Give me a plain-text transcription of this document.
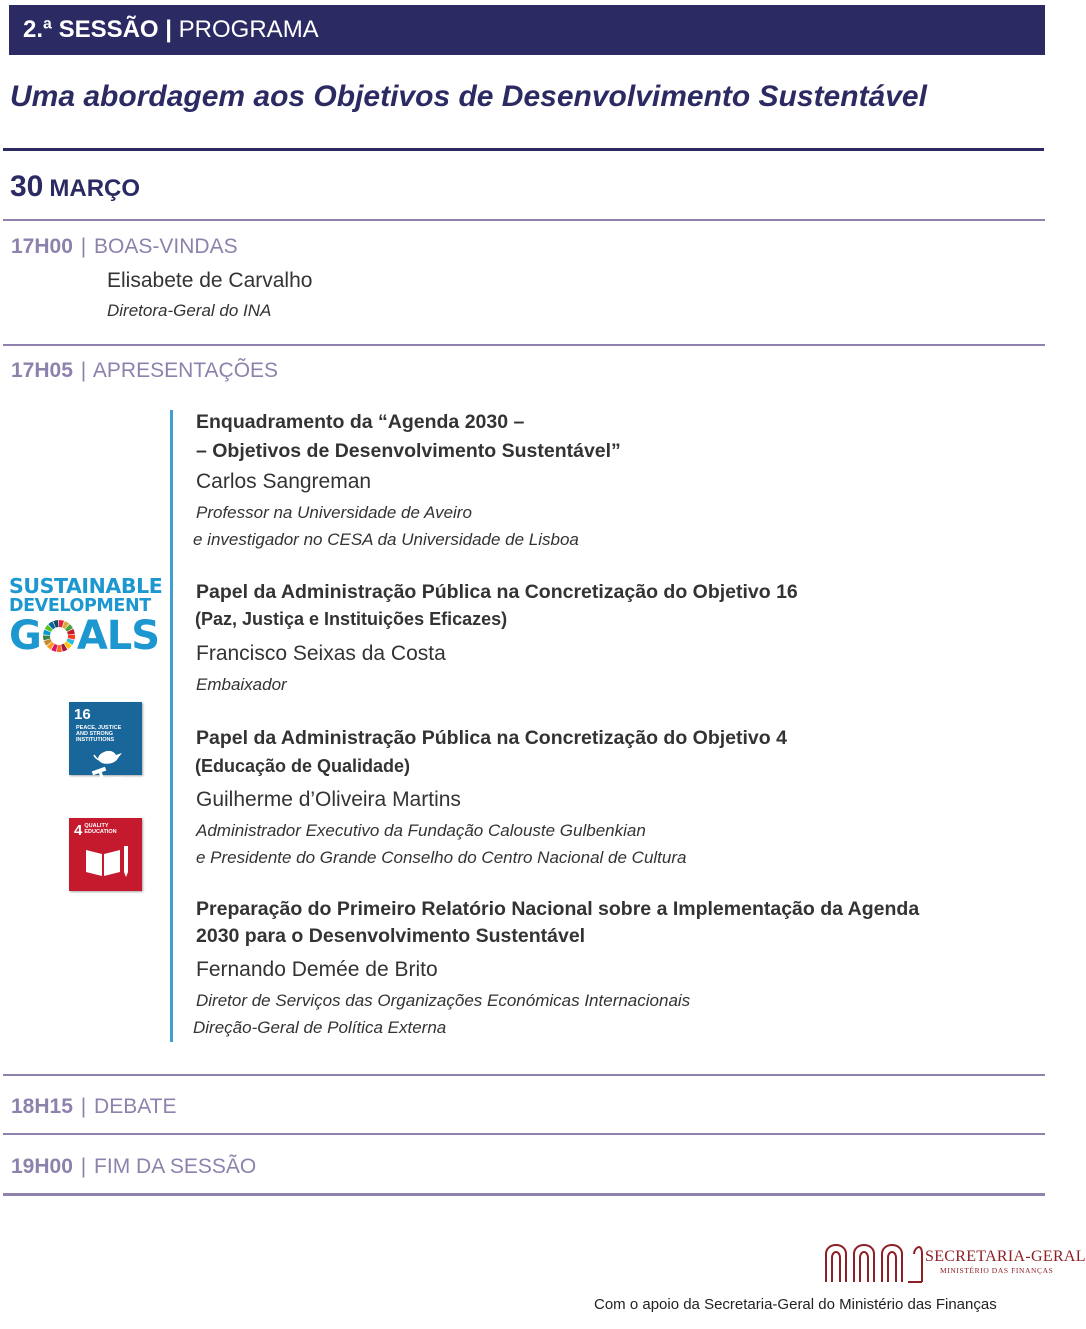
2.ª SESSÃO | PROGRAMA
Uma abordagem aos Objetivos de Desenvolvimento Sustentável
30 MARÇO
17H00 | BOAS-VINDAS
Elisabete de Carvalho
Diretora-Geral do INA
17H05 | APRESENTAÇÕES
Enquadramento da “Agenda 2030 –
– Objetivos de Desenvolvimento Sustentável”
Carlos Sangreman
Professor na Universidade de Aveiro
e investigador no CESA da Universidade de Lisboa
Papel da Administração Pública na Concretização do Objetivo 16
(Paz, Justiça e Instituições Eficazes)
Francisco Seixas da Costa
Embaixador
Papel da Administração Pública na Concretização do Objetivo 4
(Educação de Qualidade)
Guilherme d’Oliveira Martins
Administrador Executivo da Fundação Calouste Gulbenkian
e Presidente do Grande Conselho do Centro Nacional de Cultura
Preparação do Primeiro Relatório Nacional sobre a Implementação da Agenda
2030 para o Desenvolvimento Sustentável
Fernando Demée de Brito
Diretor de Serviços das Organizações Económicas Internacionais
Direção-Geral de Política Externa
SUSTAINABLE
DEVELOPMENT
G ALS
16PEACE, JUSTICE AND STRONG INSTITUTIONS
4 QUALITY EDUCATION
18H15 | DEBATE
19H00 | FIM DA SESSÃO
SECRETARIA-GERAL
MINISTÉRIO DAS FINANÇAS
Com o apoio da Secretaria-Geral do Ministério das Finanças
